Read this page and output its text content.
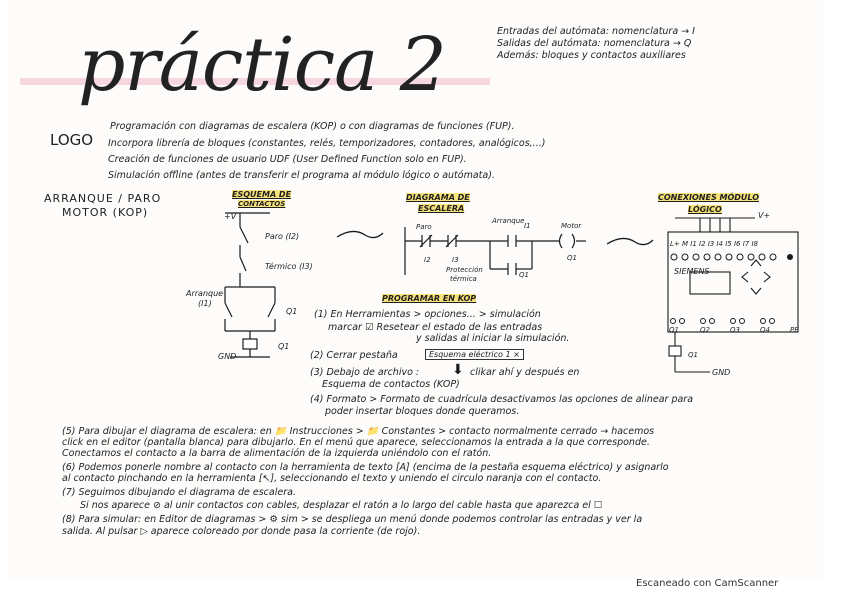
práctica 2	Entradas del autómata: nomenclatura → I
Salidas del autómata: nomenclatura → Q
Además: bloques y contactos auxiliares
LOGO
Programación con diagramas de escalera (KOP) o con diagramas de funciones (FUP).
Incorpora librería de bloques (constantes, relés, temporizadores, contadores, analógicos,...)
Creación de funciones de usuario UDF (User Defined Function solo en FUP).
Simulación offline (antes de transferir el programa al módulo lógico o autómata).
ARRANQUE / PARO
MOTOR (KOP)
ESQUEMA DE
CONTACTOS
+V
Paro (I2)
Térmico (I3)
Arranque
(I1)
Q1
Q1
GND
DIAGRAMA DE
ESCALERA
Paro
Arranque
I1	Motor
I2	I3
Protección
térmica
Q1
Q1
CONEXIONES MÓDULO
LÓGICO
V+
L+ M I1 I2 I3 I4 I5 I6 I7 I8
SIEMENS
Q1	Q2	Q3	Q4	PE
Q1
GND
PROGRAMAR EN KOP
(1) En Herramientas > opciones... > simulación
marcar ☑ Resetear el estado de las entradas
y salidas al iniciar la simulación.
(2) Cerrar pestaña	Esquema eléctrico 1 ×
(3) Debajo de archivo : ⬇ clikar ahí y después en
Esquema de contactos (KOP)
(4) Formato > Formato de cuadrícula desactivamos las opciones de alinear para
poder insertar bloques donde queramos.
(5) Para dibujar el diagrama de escalera: en 📁 Instrucciones > 📁 Constantes > contacto normalmente cerrado → hacemos
click en el editor (pantalla blanca) para dibujarlo. En el menú que aparece, seleccionamos la entrada a la que corresponde.
Conectamos el contacto a la barra de alimentación de la izquierda uniéndolo con el ratón.
(6) Podemos ponerle nombre al contacto con la herramienta de texto [A] (encima de la pestaña esquema eléctrico) y asignarlo
al contacto pinchando en la herramienta [↖], seleccionando el texto y uniendo el circulo naranja con el contacto.
(7) Seguimos dibujando el diagrama de escalera.
Si nos aparece ⊘ al unir contactos con cables, desplazar el ratón a lo largo del cable hasta que aparezca el ☐
(8) Para simular: en Editor de diagramas > ⚙ sim > se despliega un menú donde podemos controlar las entradas y ver la
salida. Al pulsar ▷ aparece coloreado por donde pasa la corriente (de rojo).
Escaneado con CamScanner
